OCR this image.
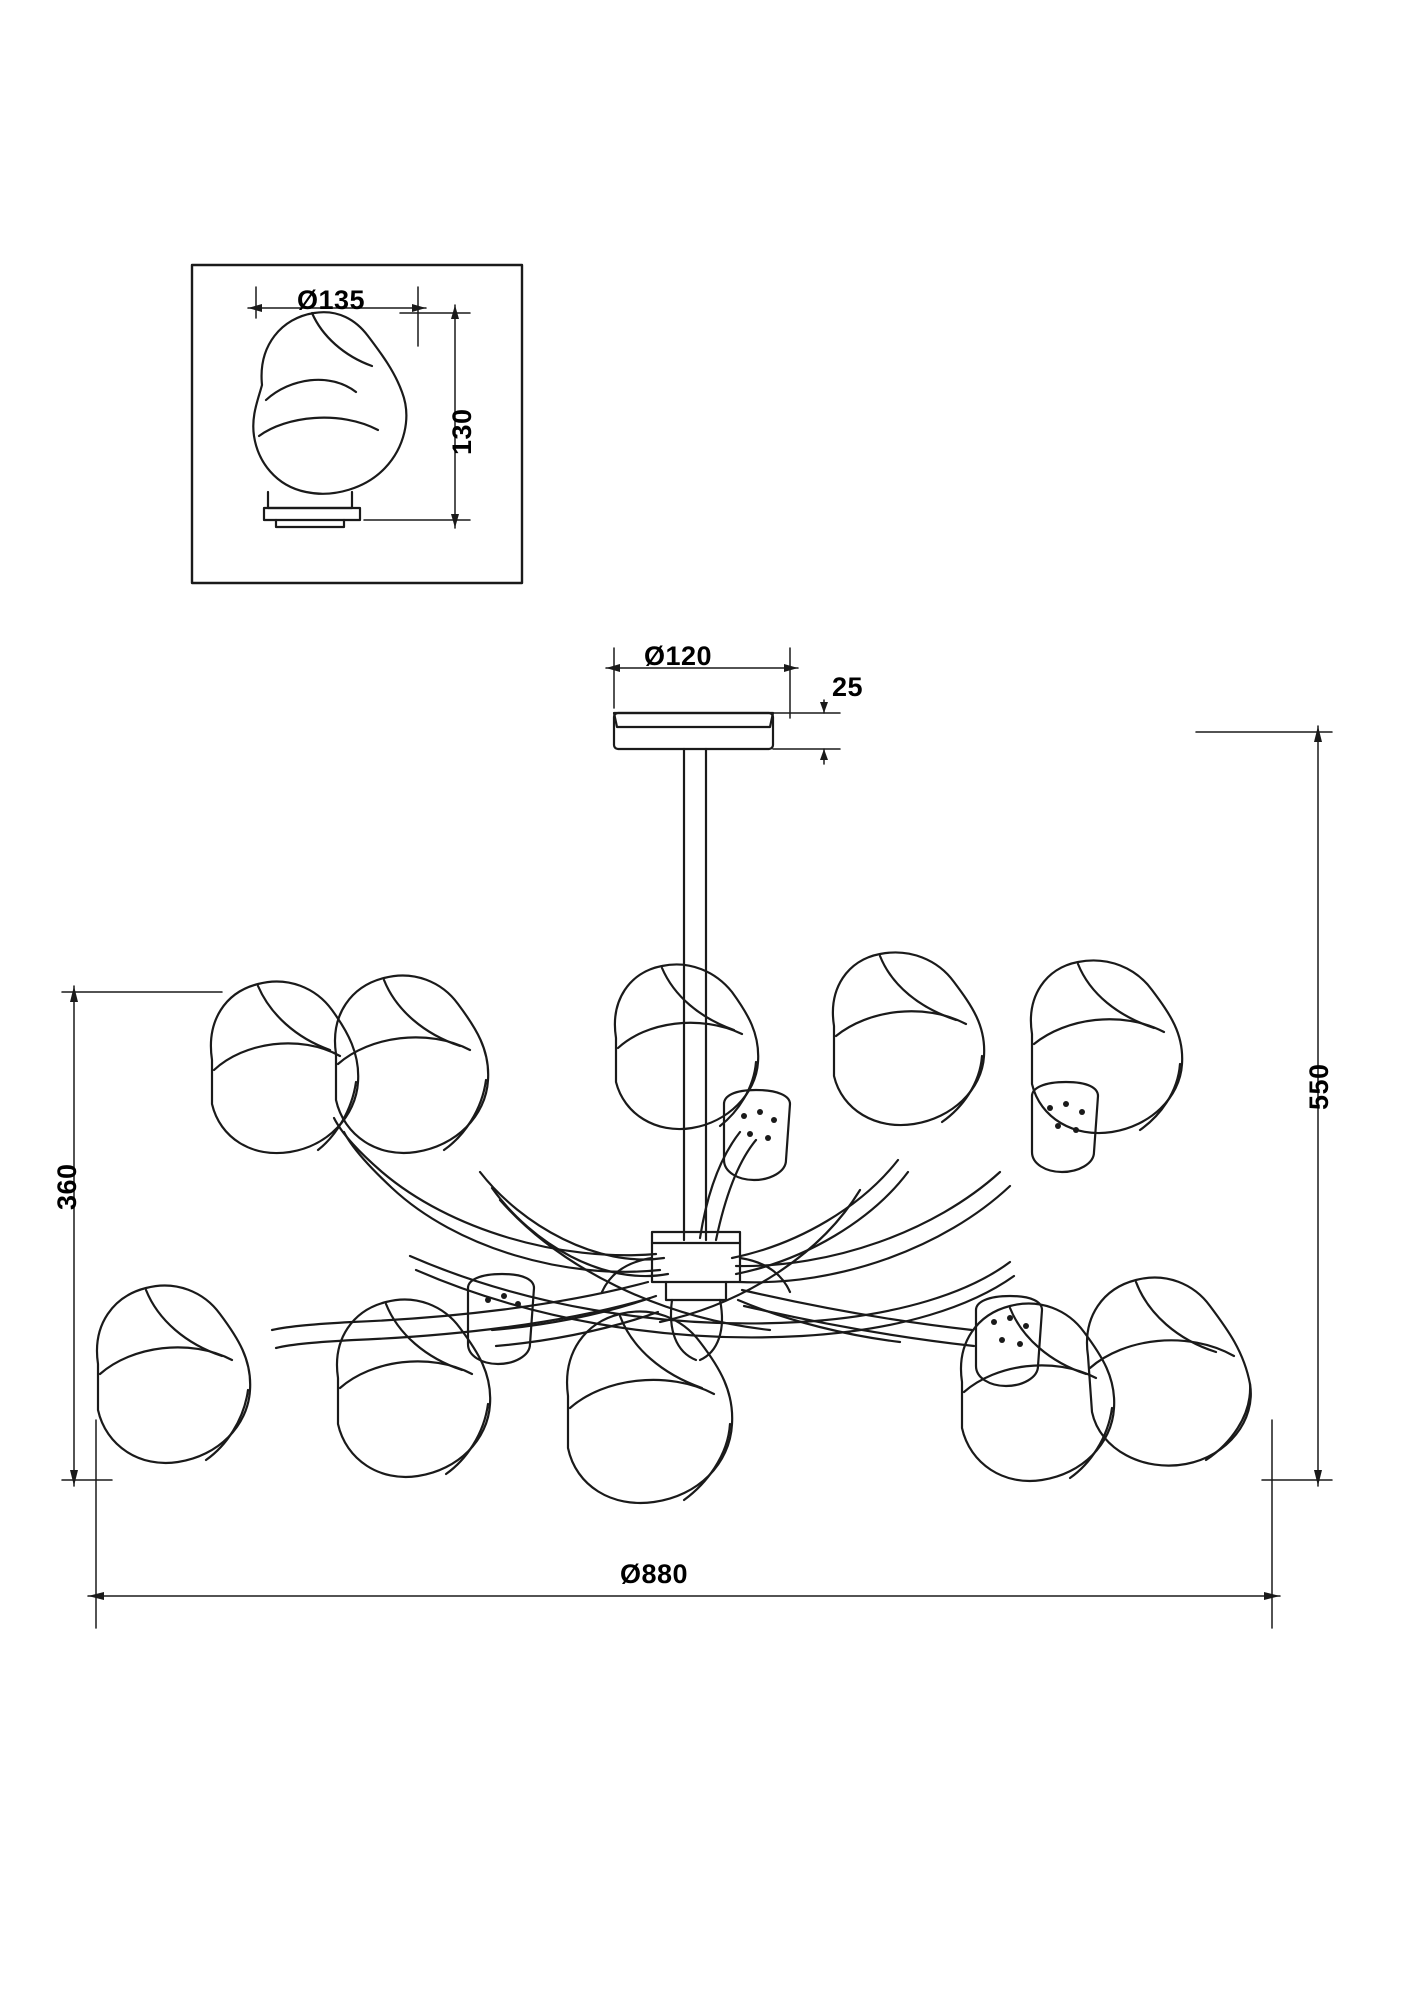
Ø135
130
Ø120
25
550
360
Ø880
